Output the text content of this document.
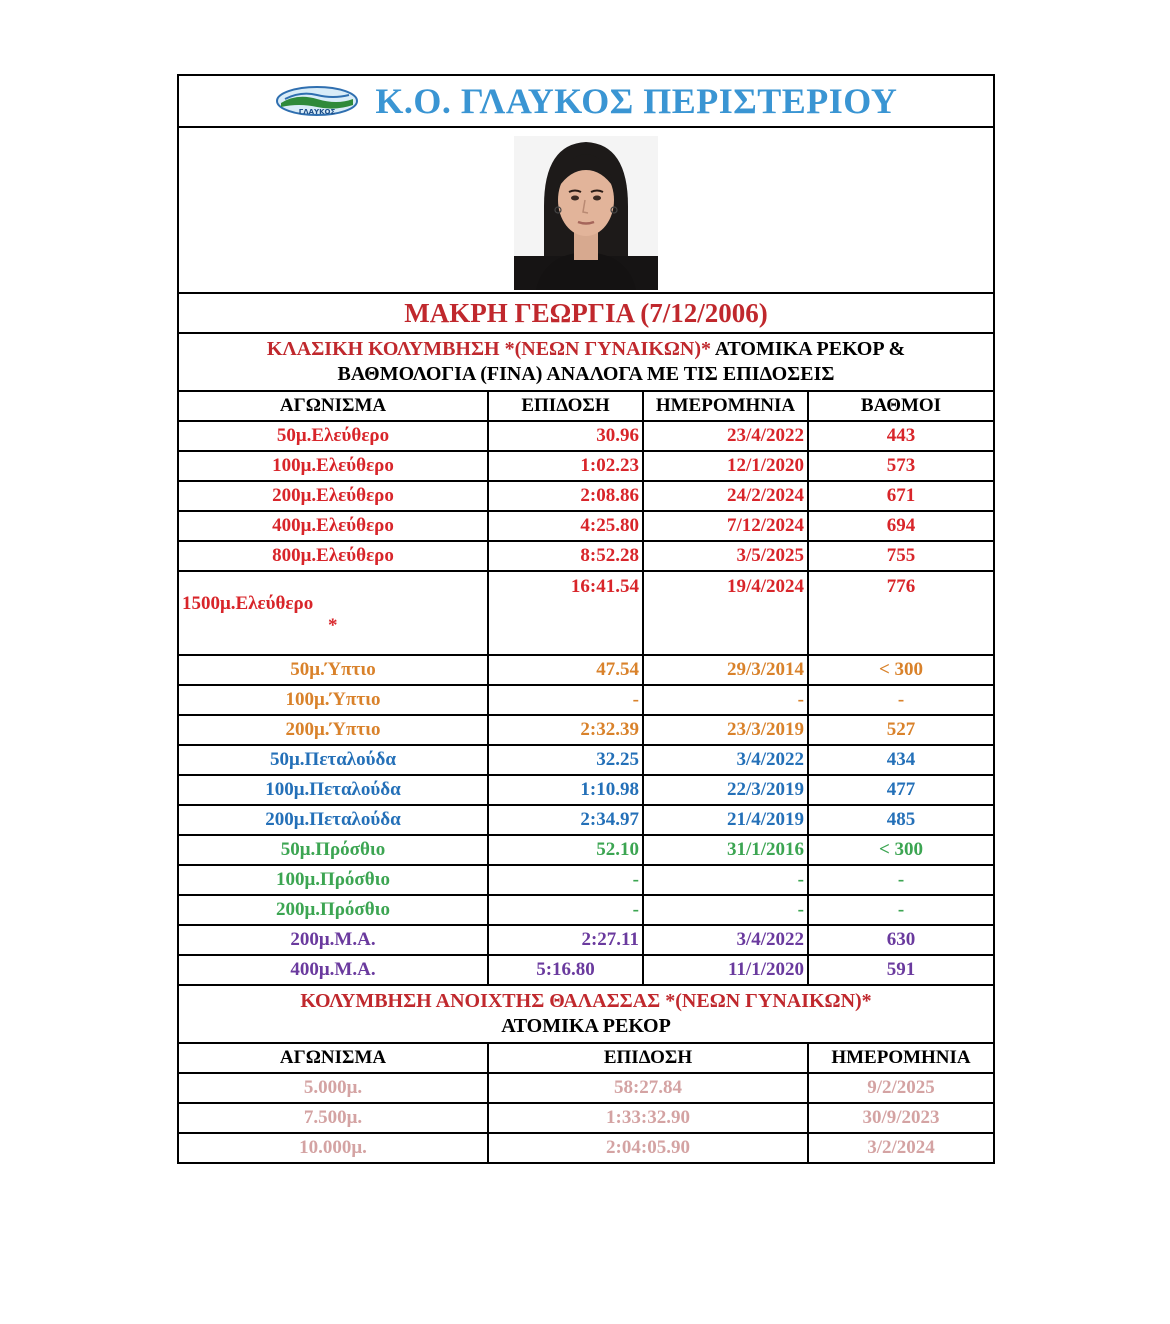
ΓΛΑΥΚΟΣ Κ.Ο. ΓΛΑΥΚΟΣ ΠΕΡΙΣΤΕΡΙΟΥ			

ΜΑΚΡΗ ΓΕΩΡΓΙΑ (7/12/2006)			
ΚΛΑΣΙΚΗ ΚΟΛΥΜΒΗΣΗ *(ΝΕΩΝ ΓΥΝΑΙΚΩΝ)* ΑΤΟΜΙΚΑ ΡΕΚΟΡ &
ΒΑΘΜΟΛΟΓΙΑ (FINA) ΑΝΑΛΟΓΑ ΜΕ ΤΙΣ ΕΠΙΔΟΣΕΙΣ			
ΑΓΩΝΙΣΜΑ	ΕΠΙΔΟΣΗ	ΗΜΕΡΟΜΗΝΙΑ	ΒΑΘΜΟΙ
50μ.Ελεύθερο	30.96	23/4/2022	443
100μ.Ελεύθερο	1:02.23	12/1/2020	573
200μ.Ελεύθερο	2:08.86	24/2/2024	671
400μ.Ελεύθερο	4:25.80	7/12/2024	694
800μ.Ελεύθερο	8:52.28	3/5/2025	755

1500μ.Ελεύθερο
*	16:41.54	19/4/2024	776
50μ.Ύπτιο	47.54	29/3/2014	< 300
100μ.Ύπτιο	-	-	-
200μ.Ύπτιο	2:32.39	23/3/2019	527
50μ.Πεταλούδα	32.25	3/4/2022	434
100μ.Πεταλούδα	1:10.98	22/3/2019	477
200μ.Πεταλούδα	2:34.97	21/4/2019	485
50μ.Πρόσθιο	52.10	31/1/2016	< 300
100μ.Πρόσθιο	-	-	-
200μ.Πρόσθιο	-	-	-
200μ.Μ.Α.	2:27.11	3/4/2022	630
400μ.Μ.Α.	5:16.80	11/1/2020	591
ΚΟΛΥΜΒΗΣΗ ΑΝΟΙΧΤΗΣ ΘΑΛΑΣΣΑΣ *(ΝΕΩΝ ΓΥΝΑΙΚΩΝ)*
ΑΤΟΜΙΚΑ ΡΕΚΟΡ			
ΑΓΩΝΙΣΜΑ	ΕΠΙΔΟΣΗ		ΗΜΕΡΟΜΗΝΙΑ
5.000μ.	58:27.84		9/2/2025
7.500μ.	1:33:32.90		30/9/2023
10.000μ.	2:04:05.90		3/2/2024
